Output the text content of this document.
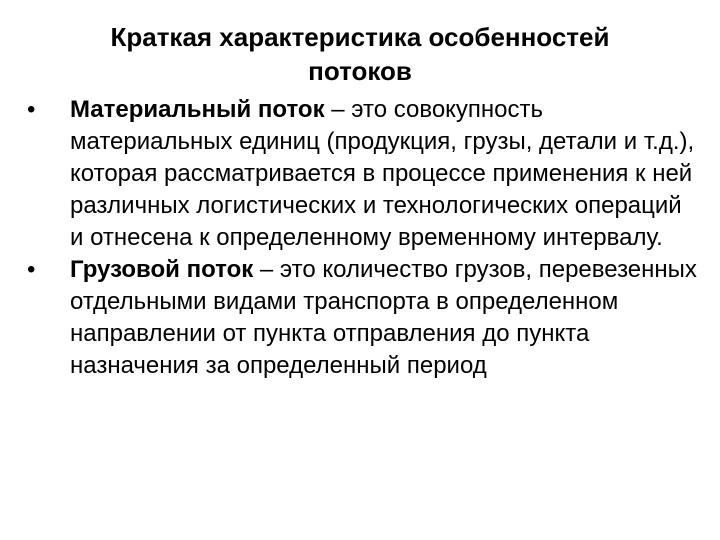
Краткая характеристика особенностей потоков
•	Материальный поток – это совокупность материальных единиц (продукция, грузы, детали и т.д.), которая рассматривается в процессе применения к ней различных логистических и технологических операций и отнесена к определенному временному интервалу.
•	Грузовой поток – это количество грузов, перевезенных отдельными видами транспорта в определенном направлении от пункта отправления до пункта назначения за определенный период
